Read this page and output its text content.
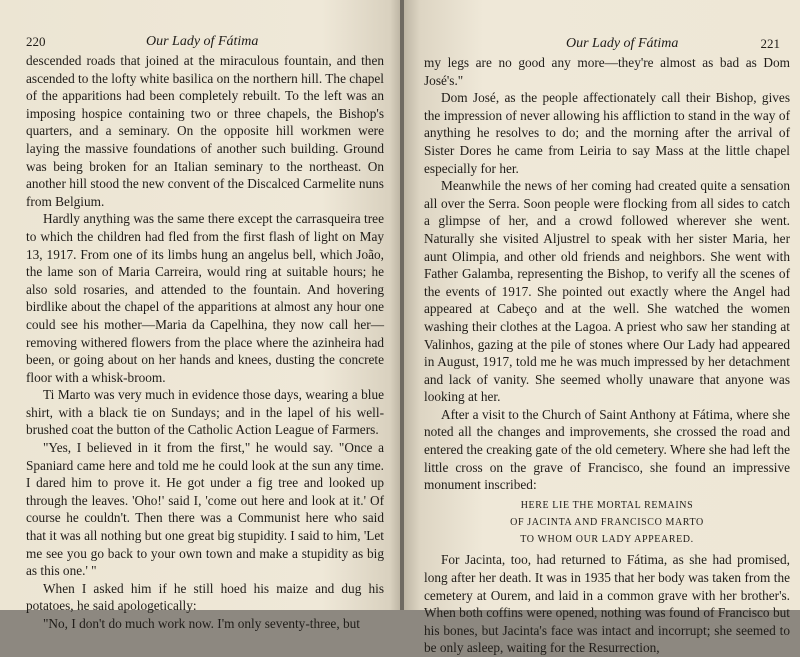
220	Our Lady of Fátima

descended roads that joined at the miraculous fountain, and then ascended to the lofty white basilica on the northern hill. The chapel of the apparitions had been completely rebuilt. To the left was an imposing hospice containing two or three chapels, the Bishop's quarters, and a seminary. On the opposite hill workmen were laying the massive foundations of another such building. Ground was being broken for an Italian seminary to the northeast. On another hill stood the new convent of the Discalced Carmelite nuns from Belgium.

Hardly anything was the same there except the carrasqueira tree to which the children had fled from the first flash of light on May 13, 1917. From one of its limbs hung an angelus bell, which João, the lame son of Maria Carreira, would ring at suitable hours; he also sold rosaries, and attended to the fountain. And hovering birdlike about the chapel of the apparitions at almost any hour one could see his mother—Maria da Capelhina, they now call her—removing withered flowers from the place where the azinheira had been, or going about on her hands and knees, dusting the concrete floor with a whisk-broom.

Ti Marto was very much in evidence those days, wearing a blue shirt, with a black tie on Sundays; and in the lapel of his well-brushed coat the button of the Catholic Action League of Farmers.

"Yes, I believed in it from the first," he would say. "Once a Spaniard came here and told me he could look at the sun any time. I dared him to prove it. He got under a fig tree and looked up through the leaves. 'Oho!' said I, 'come out here and look at it.' Of course he couldn't. Then there was a Communist here who said that it was all nothing but one great big stupidity. I said to him, 'Let me see you go back to your own town and make a stupidity as big as this one.' "

When I asked him if he still hoed his maize and dug his potatoes, he said apologetically:

"No, I don't do much work now. I'm only seventy-three, but

Our Lady of Fátima	221

my legs are no good any more—they're almost as bad as Dom José's."

Dom José, as the people affectionately call their Bishop, gives the impression of never allowing his affliction to stand in the way of anything he resolves to do; and the morning after the arrival of Sister Dores he came from Leiria to say Mass at the little chapel especially for her.

Meanwhile the news of her coming had created quite a sensation all over the Serra. Soon people were flocking from all sides to catch a glimpse of her, and a crowd followed wherever she went. Naturally she visited Aljustrel to speak with her sister Maria, her aunt Olimpia, and other old friends and neighbors. She went with Father Galamba, representing the Bishop, to verify all the scenes of the events of 1917. She pointed out exactly where the Angel had appeared at Cabeço and at the well. She watched the women washing their clothes at the Lagoa. A priest who saw her standing at Valinhos, gazing at the pile of stones where Our Lady had appeared in August, 1917, told me he was much impressed by her detachment and lack of vanity. She seemed wholly unaware that anyone was looking at her.

After a visit to the Church of Saint Anthony at Fátima, where she noted all the changes and improvements, she crossed the road and entered the creaking gate of the old cemetery. Where she had left the little cross on the grave of Francisco, she found an impressive monument inscribed:

HERE LIE THE MORTAL REMAINS
OF JACINTA AND FRANCISCO MARTO
TO WHOM OUR LADY APPEARED.

For Jacinta, too, had returned to Fátima, as she had promised, long after her death. It was in 1935 that her body was taken from the cemetery at Ourem, and laid in a common grave with her brother's. When both coffins were opened, nothing was found of Francisco but his bones, but Jacinta's face was intact and incorrupt; she seemed to be only asleep, waiting for the Resurrection,
